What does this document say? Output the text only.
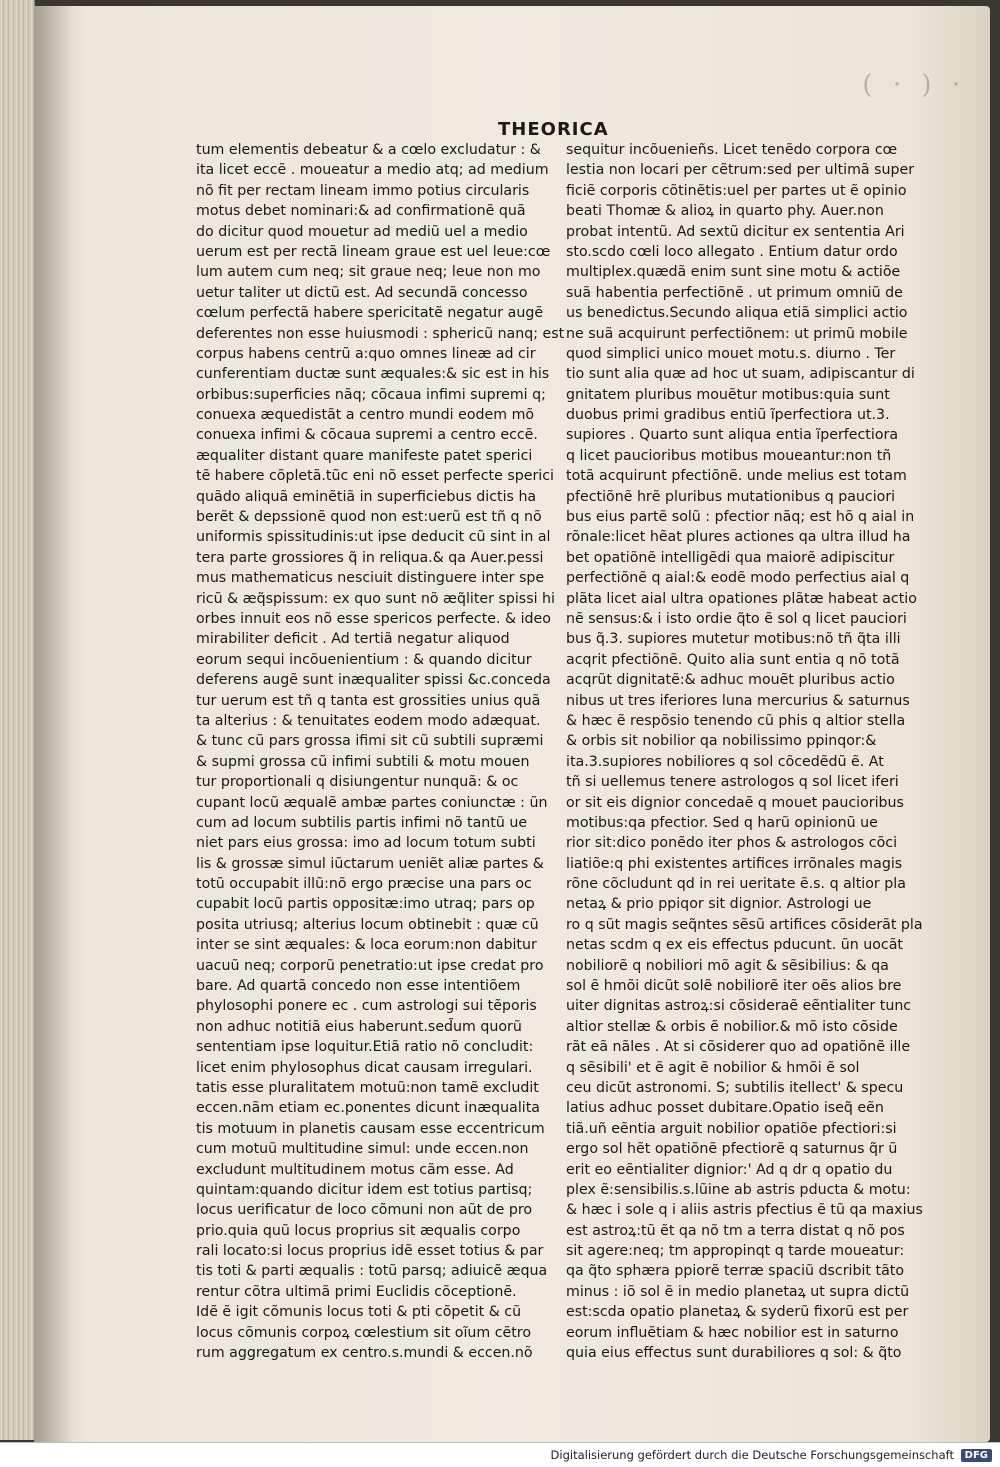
· ( · )
THEORICA
tum elementis debeatur & a cœlo excludatur : &
ita licet eccẽ . moueatur a medio atq; ad medium
nõ fit per rectam lineam immo potius circularis
motus debet nominari:& ad confirmationẽ quã
do dicitur quod mouetur ad mediũ uel a medio
uerum est per rectã lineam graue est uel leue:cœ
lum autem cum neq; sit graue neq; leue non mo
uetur taliter ut dictũ est. Ad secundã concesso
cœlum perfectã habere spericitatẽ negatur augẽ
deferentes non esse huiusmodi : sphericũ nanq; est
corpus habens centrũ a:quo omnes lineæ ad cir
cunferentiam ductæ sunt æquales:& sic est in his
orbibus:superficies nãq; cõcaua infimi supremi q;
conuexa æquedistãt a centro mundi eodem mõ
conuexa infimi & cõcaua supremi a centro eccẽ.
æqualiter distant quare manifeste patet sperici
tẽ habere cõpletã.tũc eni nõ esset perfecte sperici
quãdo aliquã eminẽtiã in superficiebus dictis ha
berẽt & depssionẽ quod non est:uerũ est tñ q nõ
uniformis spissitudinis:ut ipse deducit cũ sint in al
tera parte grossiores q̃ in reliqua.& qa Auer.pessi
mus mathematicus nesciuit distinguere inter spe
ricũ & æq̃spissum: ex quo sunt nõ æq̃liter spissi hi
orbes innuit eos nõ esse spericos perfecte. & ideo
mirabiliter deficit . Ad tertiã negatur aliquod
eorum sequi incõuenientium : & quando dicitur
deferens augẽ sunt inæqualiter spissi &c.conceda
tur uerum est tñ q tanta est grossities unius quã
ta alterius : & tenuitates eodem modo adæquat.
& tunc cũ pars grossa ifimi sit cũ subtili supræmi
& supmi grossa cũ infimi subtili & motu mouen
tur proportionali q disiungentur nunquã: & oc
cupant locũ æqualẽ ambæ partes coniunctæ : ũn
cum ad locum subtilis partis infimi nõ tantũ ue
niet pars eius grossa: imo ad locum totum subti
lis & grossæ simul iũctarum ueniẽt aliæ partes &
totũ occupabit illũ:nõ ergo præcise una pars oc
cupabit locũ partis oppositæ:imo utraq; pars op
posita utriusq; alterius locum obtinebit : quæ cũ
inter se sint æquales: & loca eorum:non dabitur
uacuũ neq; corporũ penetratio:ut ipse credat pro
bare. Ad quartã concedo non esse intentiõem
phylosophi ponere ec . cum astrologi sui tẽporis
non adhuc notitiã eius haberunt.sed̃um quorũ
sententiam ipse loquitur.Etiã ratio nõ concludit:
licet enim phylosophus dicat causam irregulari.
tatis esse pluralitatem motuũ:non tamẽ excludit
eccen.nãm etiam ec.ponentes dicunt inæqualita
tis motuum in planetis causam esse eccentricum
cum motuũ multitudine simul: unde eccen.non
excludunt multitudinem motus cãm esse. Ad
quintam:quando dicitur idem est totius partisq;
locus uerificatur de loco cõmuni non aũt de pro
prio.quia quũ locus proprius sit æqualis corpo
rali locato:si locus proprius idẽ esset totius & par
tis toti & parti æqualis : totũ parsq; adiuicẽ æqua
rentur cõtra ultimã primi Euclidis cõceptionẽ.
Idẽ ẽ igit cõmunis locus toti & pti cõpetit & cũ
locus cõmunis corpoꝝ cœlestium sit oĩum cẽtro
rum aggregatum ex centro.s.mundi & eccen.nõ
sequitur incõuenieñs. Licet tenẽdo corpora cœ
lestia non locari per cẽtrum:sed per ultimã super
ficiẽ corporis cõtinẽtis:uel per partes ut ẽ opinio
beati Thomæ & alioꝝ in quarto phy. Auer.non
probat intentũ. Ad sextũ dicitur ex sententia Ari
sto.scdo cœli loco allegato . Entium datur ordo
multiplex.quædã enim sunt sine motu & actiõe
suã habentia perfectiõnẽ . ut primum omniũ de
us benedictus.Secundo aliqua etiã simplici actio
ne suã acquirunt perfectiõnem: ut primũ mobile
quod simplici unico mouet motu.s. diurno . Ter
tio sunt alia quæ ad hoc ut suam, adipiscantur di
gnitatem pluribus mouẽtur motibus:quia sunt
duobus primi gradibus entiũ ĩperfectiora ut.3.
supiores . Quarto sunt aliqua entia ĩperfectiora
q licet paucioribus motibus moueantur:non tñ
totã acquirunt pfectiõnẽ. unde melius est totam
pfectiõnẽ hrẽ pluribus mutationibus q pauciori
bus eius partẽ solũ : pfectior nãq; est hõ q aial in
rõnale:licet hẽat plures actiones qa ultra illud ha
bet opatiõnẽ intelligẽdi qua maiorẽ adipiscitur
perfectiõnẽ q aial:& eodẽ modo perfectius aial q
plãta licet aial ultra opationes plãtæ habeat actio
nẽ sensus:& i isto ordie q̃to ẽ sol q licet pauciori
bus q̃.3. supiores mutetur motibus:nõ tñ q̃ta illi
acqrit pfectiõnẽ. Quito alia sunt entia q nõ totã
acqrũt dignitatẽ:& adhuc mouẽt pluribus actio
nibus ut tres iferiores luna mercurius & saturnus
& hæc ẽ respõsio tenendo cũ phis q altior stella
& orbis sit nobilior qa nobilissimo ppinqor:&
ita.3.supiores nobiliores q sol cõcedẽdũ ẽ. At
tñ si uellemus tenere astrologos q sol licet iferi
or sit eis dignior concedaẽ q mouet paucioribus
motibus:qa pfectior. Sed q harũ opinionũ ue
rior sit:dico ponẽdo iter phos & astrologos cõci
liatiõe:q phi existentes artifices irrõnales magis
rõne cõcludunt qd in rei ueritate ẽ.s. q altior pla
netaꝝ & prio ppiqor sit dignior. Astrologi ue
ro q sũt magis seq̃ntes sẽsũ artifices cõsiderãt pla
netas scdm q ex eis effectus pducunt. ũn uocãt
nobiliorẽ q nobiliori mõ agit & sẽsibilius: & qa
sol ẽ hmõi dicũt solẽ nobiliorẽ iter oẽs alios bre
uiter dignitas astroꝝ:si cõsideraẽ eẽntialiter tunc
altior stellæ & orbis ẽ nobilior.& mõ isto cõside
rãt eã nãles . At si cõsiderer quo ad opatiõnẽ ille
q sẽsibili' et ẽ agit ẽ nobilior & hmõi ẽ sol
ceu dicũt astronomi. S; subtilis itellect' & specu
latius adhuc posset dubitare.Opatio iseq̃ eẽn
tiã.uñ eẽntia arguit nobilior opatiõe pfectiori:si
ergo sol hẽt opatiõnẽ pfectiorẽ q saturnus q̃r ũ
erit eo eẽntialiter dignior:' Ad q dr q opatio du
plex ẽ:sensibilis.s.lũine ab astris pducta & motu:
& hæc i sole q i aliis astris pfectius ẽ tũ qa maxius
est astroꝝ:tũ ẽt qa nõ tm a terra distat q nõ pos
sit agere:neq; tm appropinqt q tarde moueatur:
qa q̃to sphæra ppiorẽ terræ spaciũ dscribit tãto
minus : iõ sol ẽ in medio planetaꝝ ut supra dictũ
est:scda opatio planetaꝝ & syderũ fixorũ est per
eorum influẽtiam & hæc nobilior est in saturno
quia eius effectus sunt durabiliores q sol: & q̃to
Digitalisierung gefördert durch die Deutsche Forschungsgemeinschaft	DFG
